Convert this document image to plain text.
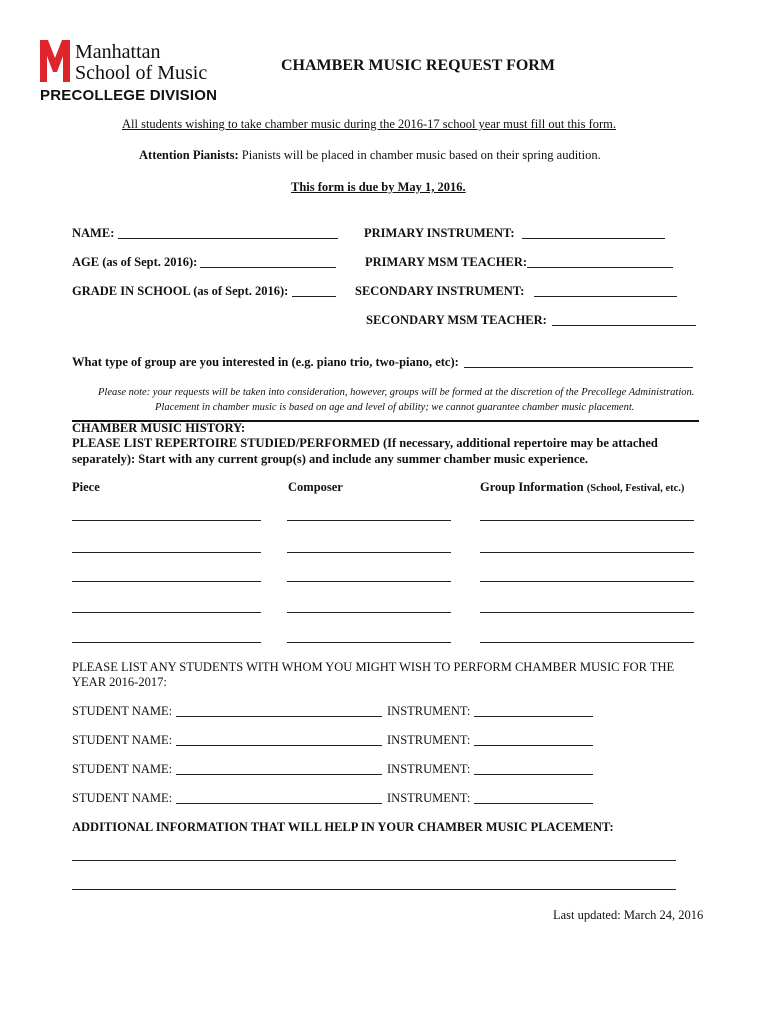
Manhattan
School of Music
PRECOLLEGE DIVISION
CHAMBER MUSIC REQUEST FORM
All students wishing to take chamber music during the 2016-17 school year must fill out this form.
Attention Pianists: Pianists will be placed in chamber music based on their spring audition.
This form is due by May 1, 2016.
NAME:	PRIMARY INSTRUMENT:
AGE (as of Sept. 2016):	PRIMARY MSM TEACHER:
GRADE IN SCHOOL (as of Sept. 2016):	SECONDARY INSTRUMENT:
SECONDARY MSM TEACHER:
What type of group are you interested in (e.g. piano trio, two-piano, etc):
Please note: your requests will be taken into consideration, however, groups will be formed at the discretion of the Precollege Administration.
Placement in chamber music is based on age and level of ability; we cannot guarantee chamber music placement.
CHAMBER MUSIC HISTORY:
PLEASE LIST REPERTOIRE STUDIED/PERFORMED (If necessary, additional repertoire may be attached
separately): Start with any current group(s) and include any summer chamber music experience.
Piece	Composer	Group Information (School, Festival, etc.)
PLEASE LIST ANY STUDENTS WITH WHOM YOU MIGHT WISH TO PERFORM CHAMBER MUSIC FOR THE
YEAR 2016-2017:
STUDENT NAME:	INSTRUMENT:
STUDENT NAME:	INSTRUMENT:
STUDENT NAME:	INSTRUMENT:
STUDENT NAME:	INSTRUMENT:
ADDITIONAL INFORMATION THAT WILL HELP IN YOUR CHAMBER MUSIC PLACEMENT:
Last updated: March 24, 2016
